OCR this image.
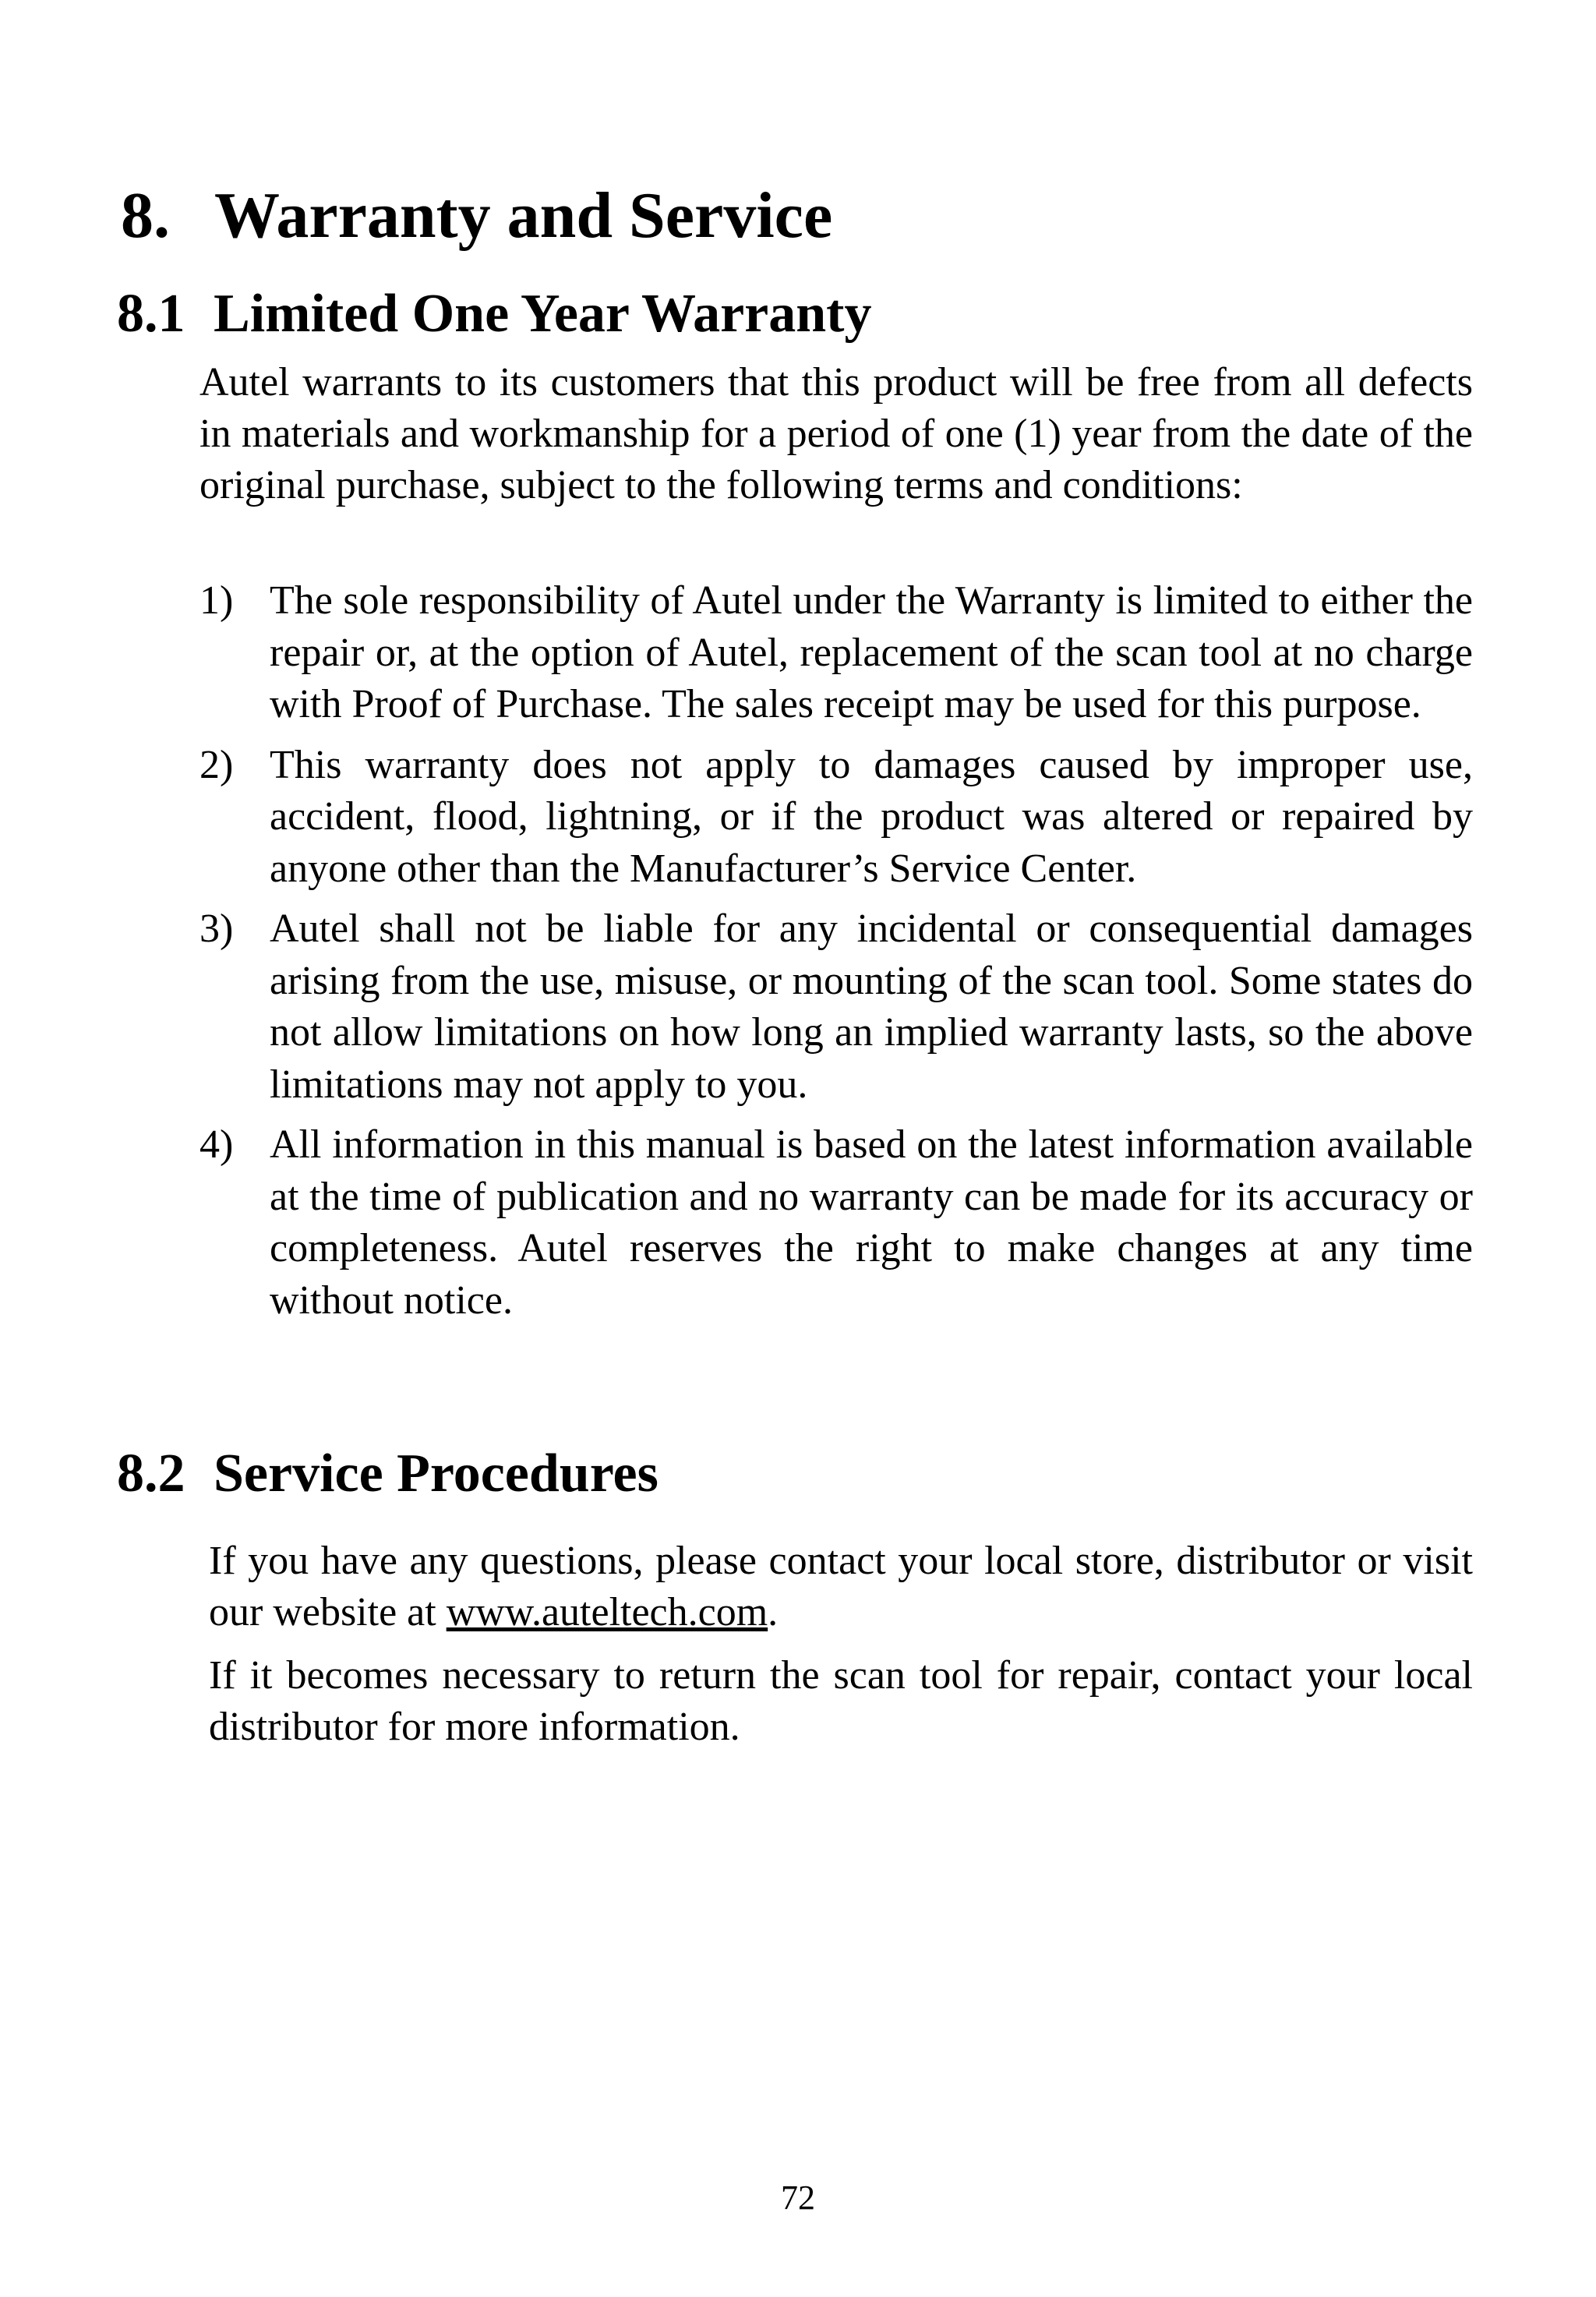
8. Warranty and Service
8.1 Limited One Year Warranty

Autel warrants to its customers that this product will be free from all defects in materials and workmanship for a period of one (1) year from the date of the original purchase, subject to the following terms and conditions:

1) The sole responsibility of Autel under the Warranty is limited to either the repair or, at the option of Autel, replacement of the scan tool at no charge with Proof of Purchase. The sales receipt may be used for this purpose.
2) This warranty does not apply to damages caused by improper use, accident, flood, lightning, or if the product was altered or repaired by anyone other than the Manufacturer’s Service Center.
3) Autel shall not be liable for any incidental or consequential damages arising from the use, misuse, or mounting of the scan tool. Some states do not allow limitations on how long an implied warranty lasts, so the above limitations may not apply to you.
4) All information in this manual is based on the latest information available at the time of publication and no warranty can be made for its accuracy or completeness. Autel reserves the right to make changes at any time without notice.
8.2 Service Procedures

If you have any questions, please contact your local store, distributor or visit our website at www.auteltech.com.

If it becomes necessary to return the scan tool for repair, contact your local distributor for more information.

72
